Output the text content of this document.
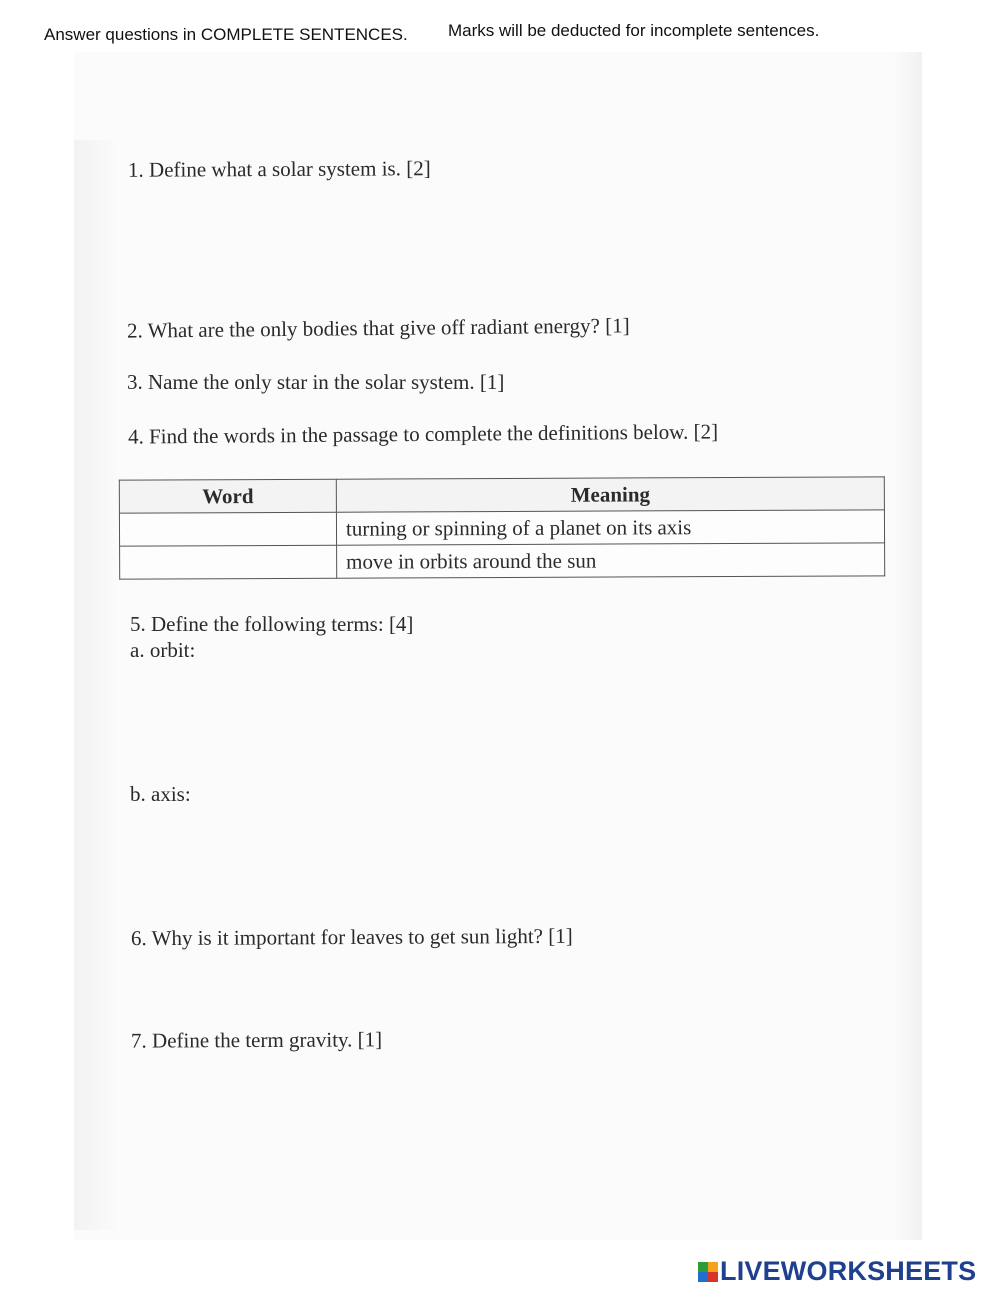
Answer questions in COMPLETE SENTENCES. Marks will be deducted for incomplete sentences.
1. Define what a solar system is. [2]
2. What are the only bodies that give off radiant energy? [1]
3. Name the only star in the solar system. [1]
4. Find the words in the passage to complete the definitions below. [2]
Word	Meaning
	turning or spinning of a planet on its axis
	move in orbits around the sun
5. Define the following terms: [4]
a. orbit:
b. axis:
6. Why is it important for leaves to get sun light? [1]
7. Define the term gravity. [1]
LIVEWORKSHEETS
